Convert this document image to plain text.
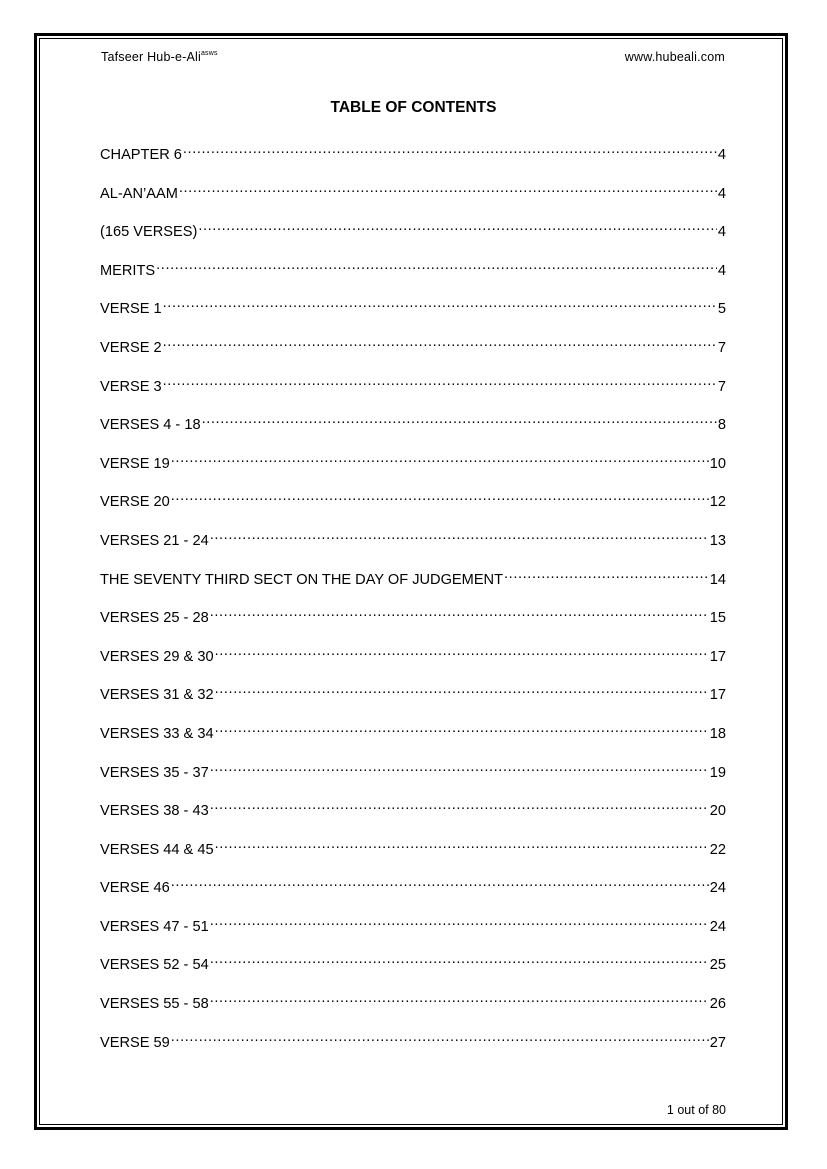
Tafseer Hub-e-Ali$^{asws}$	www.hubeali.com
TABLE OF CONTENTS
CHAPTER 6 .....	4
AL-AN’AAM .....	4
(165 VERSES) .....	4
MERITS .....	4
VERSE 1 .....	5
VERSE 2 .....	7
VERSE 3 .....	7
VERSES 4 - 18 .....	8
VERSE 19 .....	10
VERSE 20 .....	12
VERSES 21 - 24 .....	13
THE SEVENTY THIRD SECT ON THE DAY OF JUDGEMENT .....	14
VERSES 25 - 28 .....	15
VERSES 29 & 30 .....	17
VERSES 31 & 32 .....	17
VERSES 33 & 34 .....	18
VERSES 35 - 37 .....	19
VERSES 38 - 43 .....	20
VERSES 44 & 45 .....	22
VERSE 46 .....	24
VERSES 47 - 51 .....	24
VERSES 52 - 54 .....	25
VERSES 55 - 58 .....	26
VERSE 59 .....	27
1 out of 80
